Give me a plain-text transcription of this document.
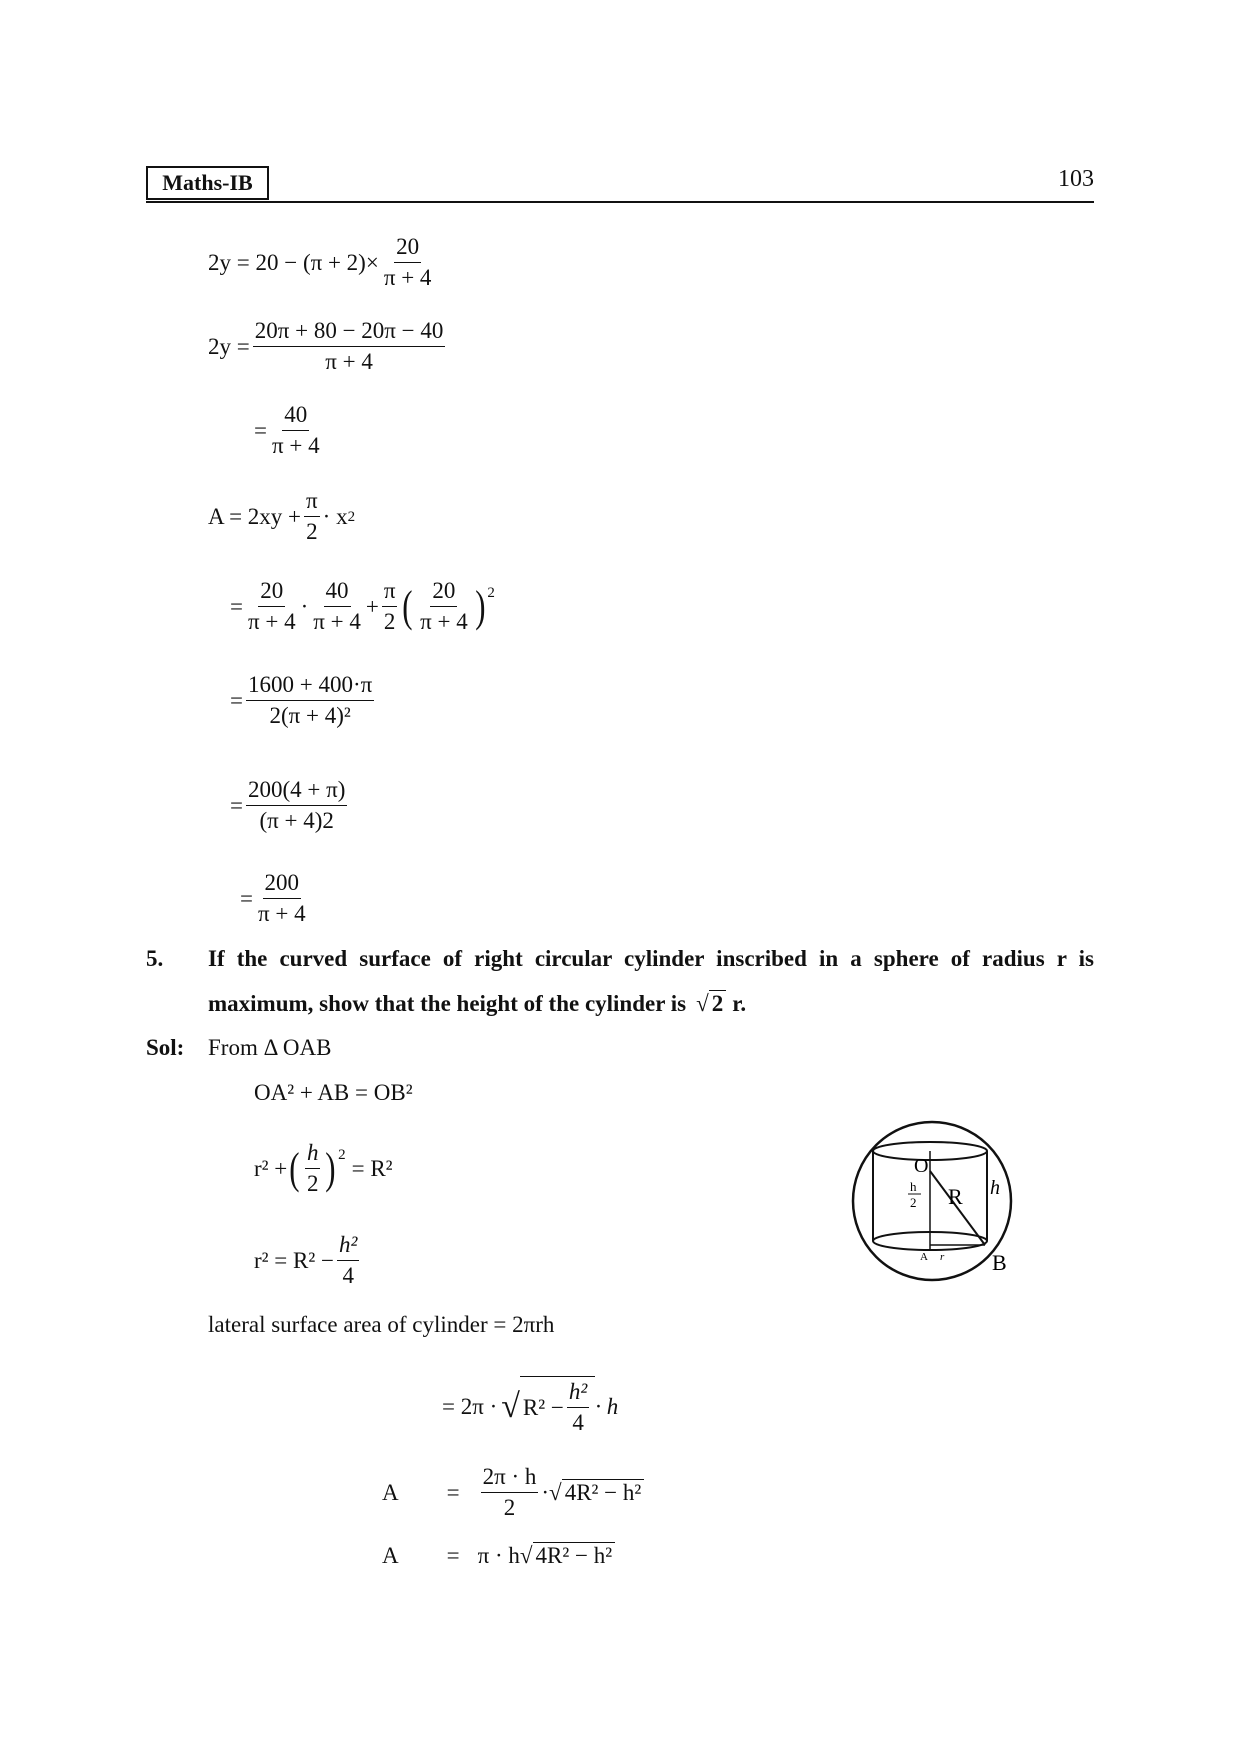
Maths-IB	103
$2y = 20 - (\pi + 2)\times \frac{20}{\pi + 4}$
$2y = \frac{20\pi + 80 - 20\pi - 40}{\pi + 4}$
= $\frac{40}{\pi + 4}$
$A = 2xy + \frac{\pi}{2} \cdot x$ 2
= $\frac{20}{\pi + 4} \cdot \frac{40}{\pi + 4} + \frac{\pi}{2}$ ( $\frac{20}{\pi + 4}$ ) 2
= $\frac{1600 + 400\cdot\pi}{\text{2(π + 4)²}}$
= $\frac{200(4 + \pi)}{(\pi + 4)2}$
= $\frac{200}{\pi + 4}$
5. If the curved surface of right circular cylinder inscribed in a sphere of radius r is
maximum, show that the height of the cylinder is √ 2 r.
Sol: From Δ OAB
OA² + AB = OB²
r² + ( $\frac{h}{2}$ ) 2
= R²
$r^2 = R^2 - \frac{\text{h²}}{4}$
lateral surface area of cylinder = 2πrh
= 2π · √ $R^2 - \frac{\text{h²}}{4} \cdot h$
$A = \frac{2\pi \cdot h}{2}$ ·√ 4R² − h²
A = π · h √ 4R² − h²
O
R h
h
2
A r B
